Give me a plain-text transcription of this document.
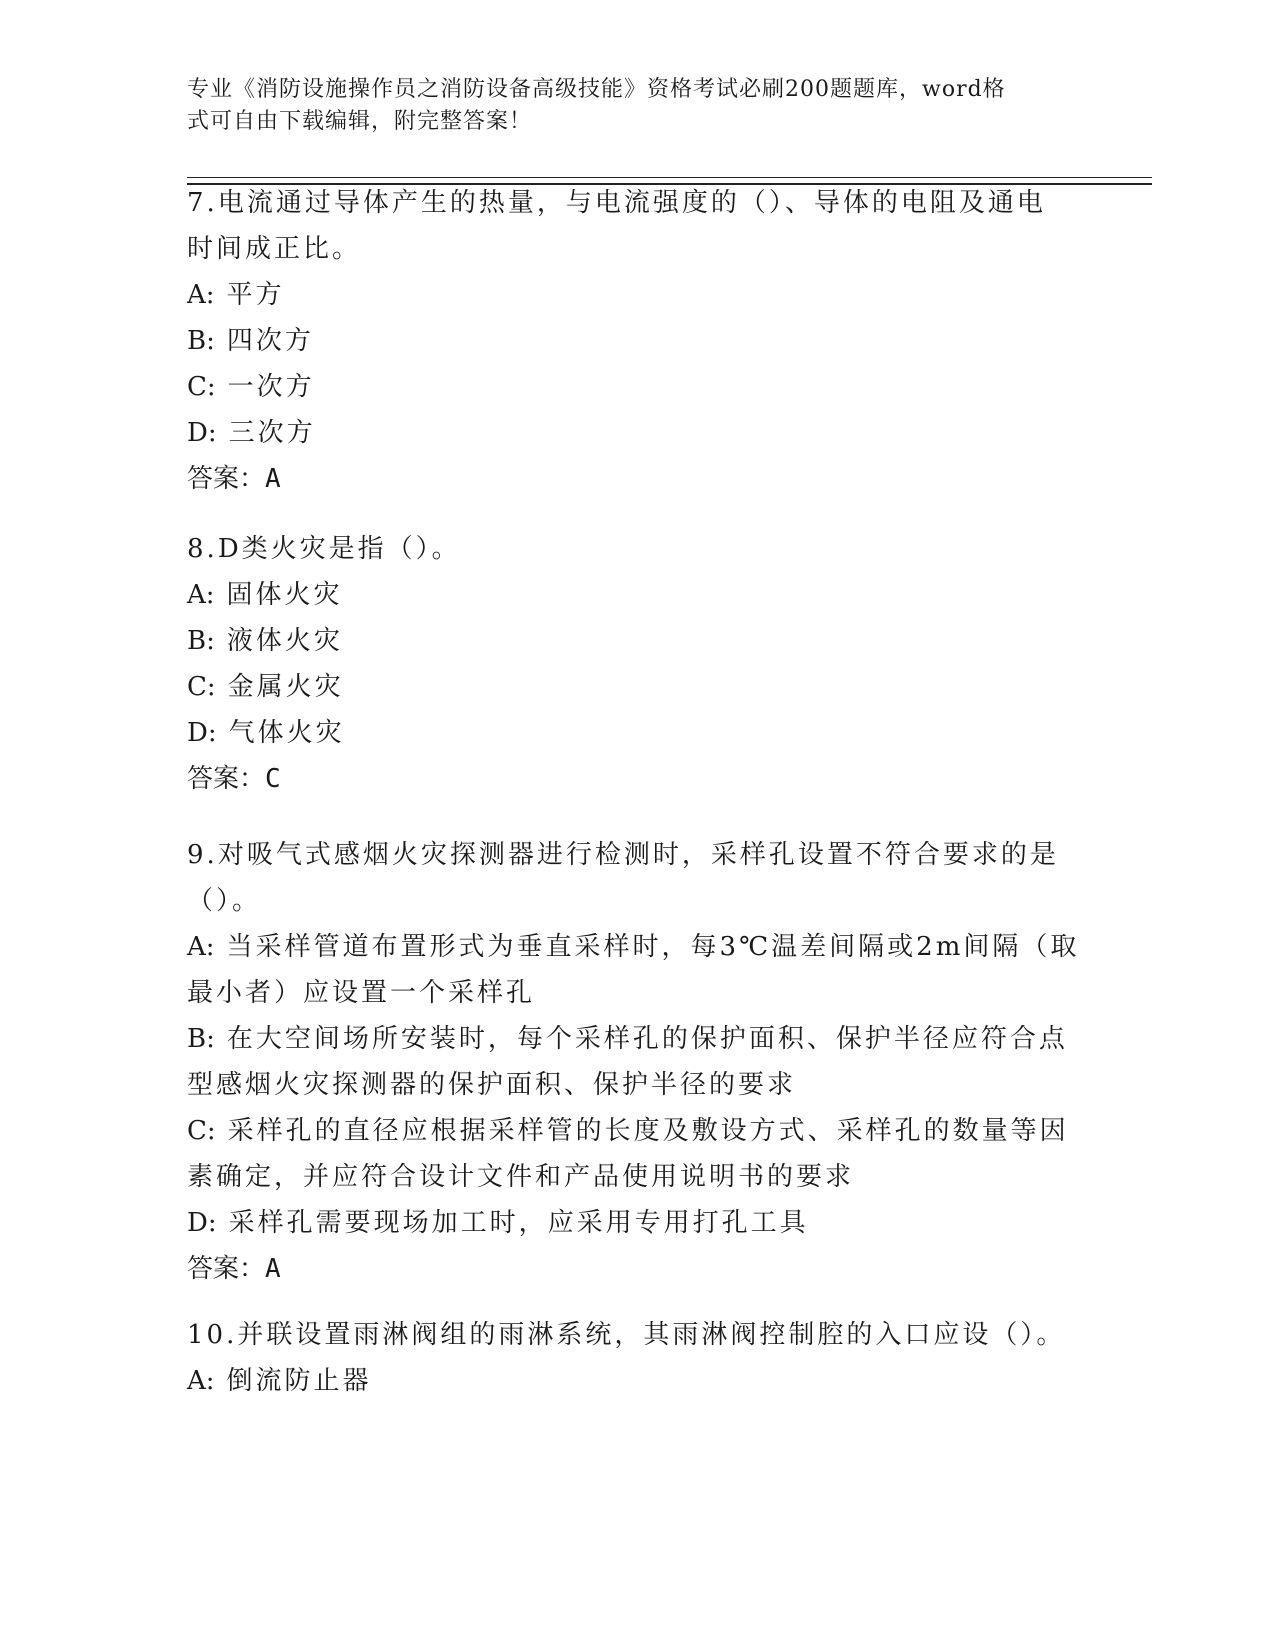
专业《消防设施操作员之消防设备高级技能》资格考试必刷200题题库，word格
式可自由下载编辑，附完整答案！
7.电流通过导体产生的热量，与电流强度的（）、导体的电阻及通电
时间成正比。
A: 平方
B: 四次方
C: 一次方
D: 三次方
答案：A
8.D类火灾是指（）。
A: 固体火灾
B: 液体火灾
C: 金属火灾
D: 气体火灾
答案：C
9.对吸气式感烟火灾探测器进行检测时，采样孔设置不符合要求的是
（）。
A: 当采样管道布置形式为垂直采样时，每3℃温差间隔或2m间隔（取
最小者）应设置一个采样孔
B: 在大空间场所安装时，每个采样孔的保护面积、保护半径应符合点
型感烟火灾探测器的保护面积、保护半径的要求
C: 采样孔的直径应根据采样管的长度及敷设方式、采样孔的数量等因
素确定，并应符合设计文件和产品使用说明书的要求
D: 采样孔需要现场加工时，应采用专用打孔工具
答案：A
10.并联设置雨淋阀组的雨淋系统，其雨淋阀控制腔的入口应设（）。
A: 倒流防止器
